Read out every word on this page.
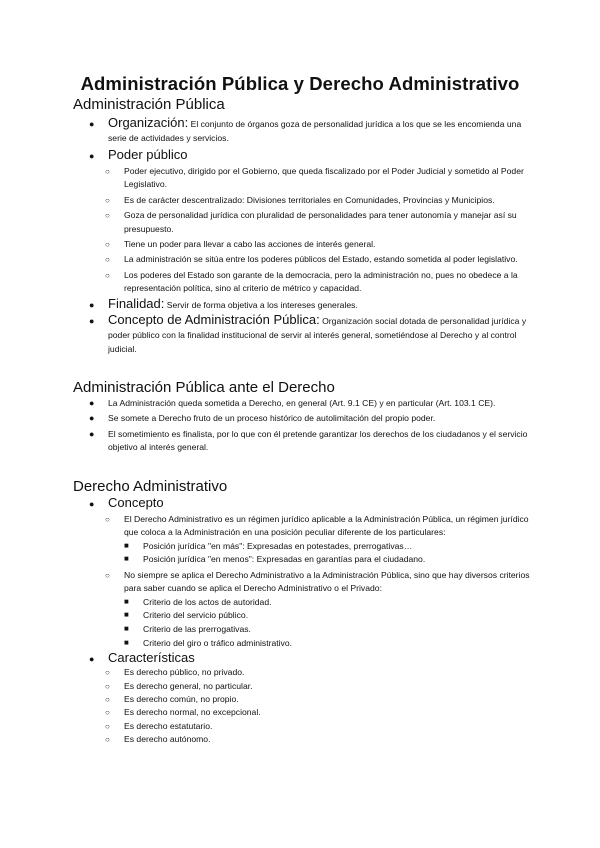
Administración Pública y Derecho Administrativo
Administración Pública
● Organización: El conjunto de órganos goza de personalidad jurídica a los que se les encomienda una serie de actividades y servicios.
● Poder público
○ Poder ejecutivo, dirigido por el Gobierno, que queda fiscalizado por el Poder Judicial y sometido al Poder Legislativo.
○ Es de carácter descentralizado: Divisiones territoriales en Comunidades, Provincias y Municipios.
○ Goza de personalidad jurídica con pluralidad de personalidades para tener autonomía y manejar así su presupuesto.
○ Tiene un poder para llevar a cabo las acciones de interés general.
○ La administración se sitúa entre los poderes públicos del Estado, estando sometida al poder legislativo.
○ Los poderes del Estado son garante de la democracia, pero la administración no, pues no obedece a la representación política, sino al criterio de métrico y capacidad.
● Finalidad: Servir de forma objetiva a los intereses generales.
● Concepto de Administración Pública: Organización social dotada de personalidad jurídica y poder público con la finalidad institucional de servir al interés general, sometiéndose al Derecho y al control judicial.
Administración Pública ante el Derecho
● La Administración queda sometida a Derecho, en general (Art. 9.1 CE) y en particular (Art. 103.1 CE).
● Se somete a Derecho fruto de un proceso histórico de autolimitación del propio poder.
● El sometimiento es finalista, por lo que con él pretende garantizar los derechos de los ciudadanos y el servicio objetivo al interés general.
Derecho Administrativo
● Concepto
○ El Derecho Administrativo es un régimen jurídico aplicable a la Administración Pública, un régimen jurídico que coloca a la Administración en una posición peculiar diferente de los particulares:
■ Posición jurídica "en más": Expresadas en potestades, prerrogativas…
■ Posición jurídica "en menos": Expresadas en garantías para el ciudadano.
○ No siempre se aplica el Derecho Administrativo a la Administración Pública, sino que hay diversos criterios para saber cuando se aplica el Derecho Administrativo o el Privado:
■ Criterio de los actos de autoridad.
■ Criterio del servicio público.
■ Criterio de las prerrogativas.
■ Criterio del giro o tráfico administrativo.
● Características
○ Es derecho público, no privado.
○ Es derecho general, no particular.
○ Es derecho común, no propio.
○ Es derecho normal, no excepcional.
○ Es derecho estatutario.
○ Es derecho autónomo.
